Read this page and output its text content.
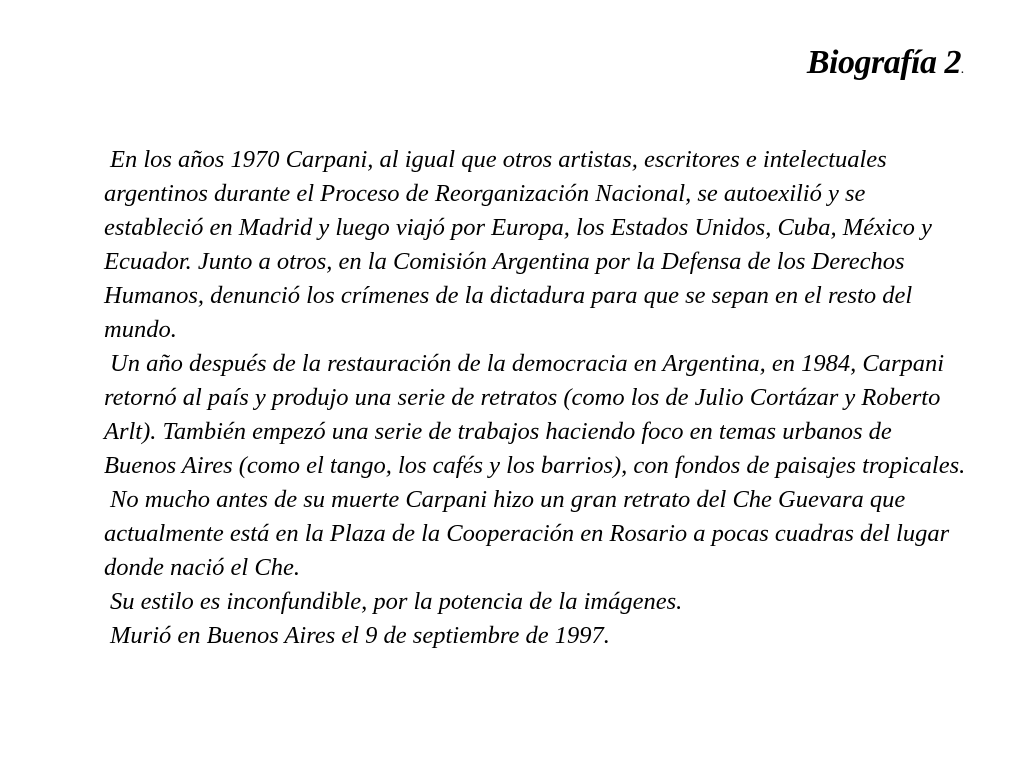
Biografía 2.

En los años 1970 Carpani, al igual que otros artistas, escritores e intelectuales argentinos durante el Proceso de Reorganización Nacional, se autoexilió y se estableció en Madrid y luego viajó por Europa, los Estados Unidos, Cuba, México y Ecuador. Junto a otros, en la Comisión Argentina por la Defensa de los Derechos Humanos, denunció los crímenes de la dictadura para que se sepan en el resto del mundo.

Un año después de la restauración de la democracia en Argentina, en 1984, Carpani retornó al país y produjo una serie de retratos (como los de Julio Cortázar y Roberto Arlt). También empezó una serie de trabajos haciendo foco en temas urbanos de Buenos Aires (como el tango, los cafés y los barrios), con fondos de paisajes tropicales.

No mucho antes de su muerte Carpani hizo un gran retrato del Che Guevara que actualmente está en la Plaza de la Cooperación en Rosario a pocas cuadras del lugar donde nació el Che.

Su estilo es inconfundible, por la potencia de la imágenes.

Murió en Buenos Aires el 9 de septiembre de 1997.
